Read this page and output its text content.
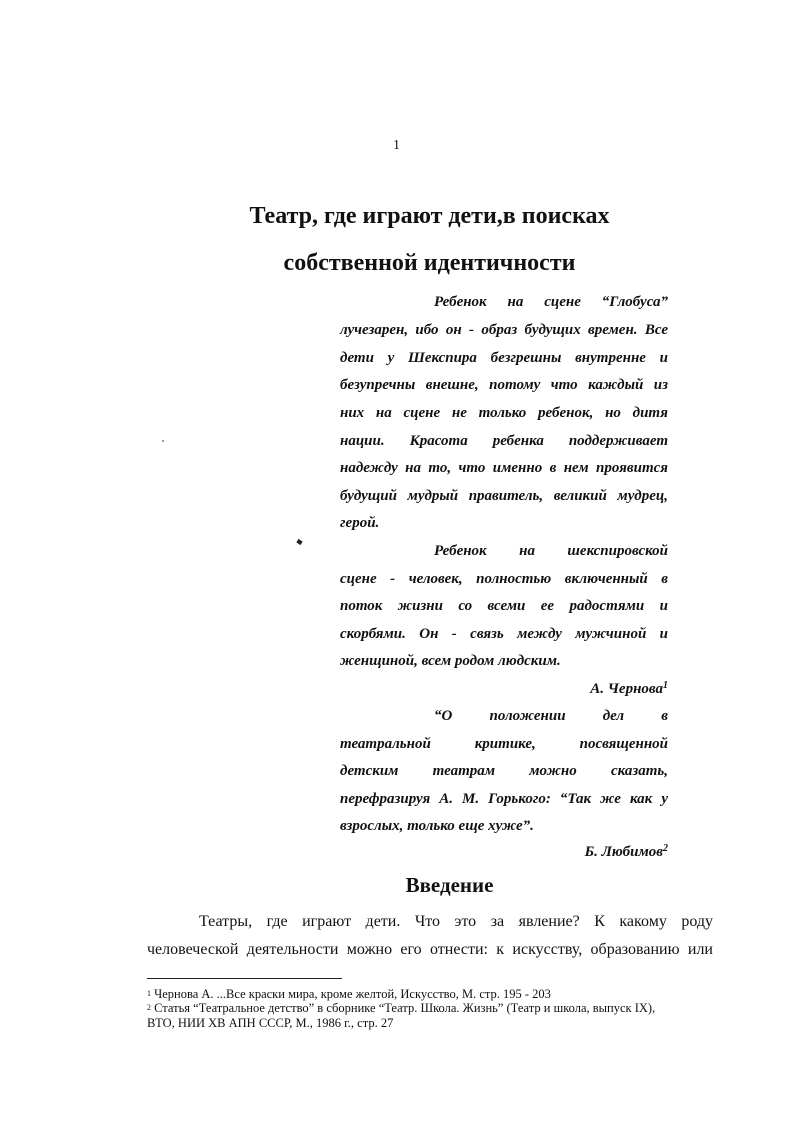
1
Театр, где играют дети,в поисках
собственной идентичности
Ребенок на сцене “Глобуса”
лучезарен, ибо он - образ будущих времен. Все
дети у Шекспира безгрешны внутренне и
безупречны внешне, потому что каждый из
них на сцене не только ребенок, но дитя
нации. Красота ребенка поддерживает
надежду на то, что именно в нем проявится
будущий мудрый правитель, великий мудрец,
герой.
Ребенок на шекспировской
сцене - человек, полностью включенный в
поток жизни со всеми ее радостями и
скорбями. Он - связь между мужчиной и
женщиной, всем родом людским.
А. Чернова$^1$
“О положении дел в
театральной критике, посвященной
детским театрам можно сказать,
перефразируя А. М. Горького: “Так же как у
взрослых, только еще хуже”.
Б. Любимов$^2$
Введение
Театры, где играют дети. Что это за явление? К какому роду
человеческой деятельности можно его отнести: к искусству, образованию или
$^1$ Чернова А. ...Все краски мира, кроме желтой, Искусство, М. стр. 195 - 203
$^2$ Статья “Театральное детство” в сборнике “Театр. Школа. Жизнь” (Театр и школа, выпуск IX),
ВТО, НИИ ХВ АПН СССР, М., 1986 г., стр. 27
